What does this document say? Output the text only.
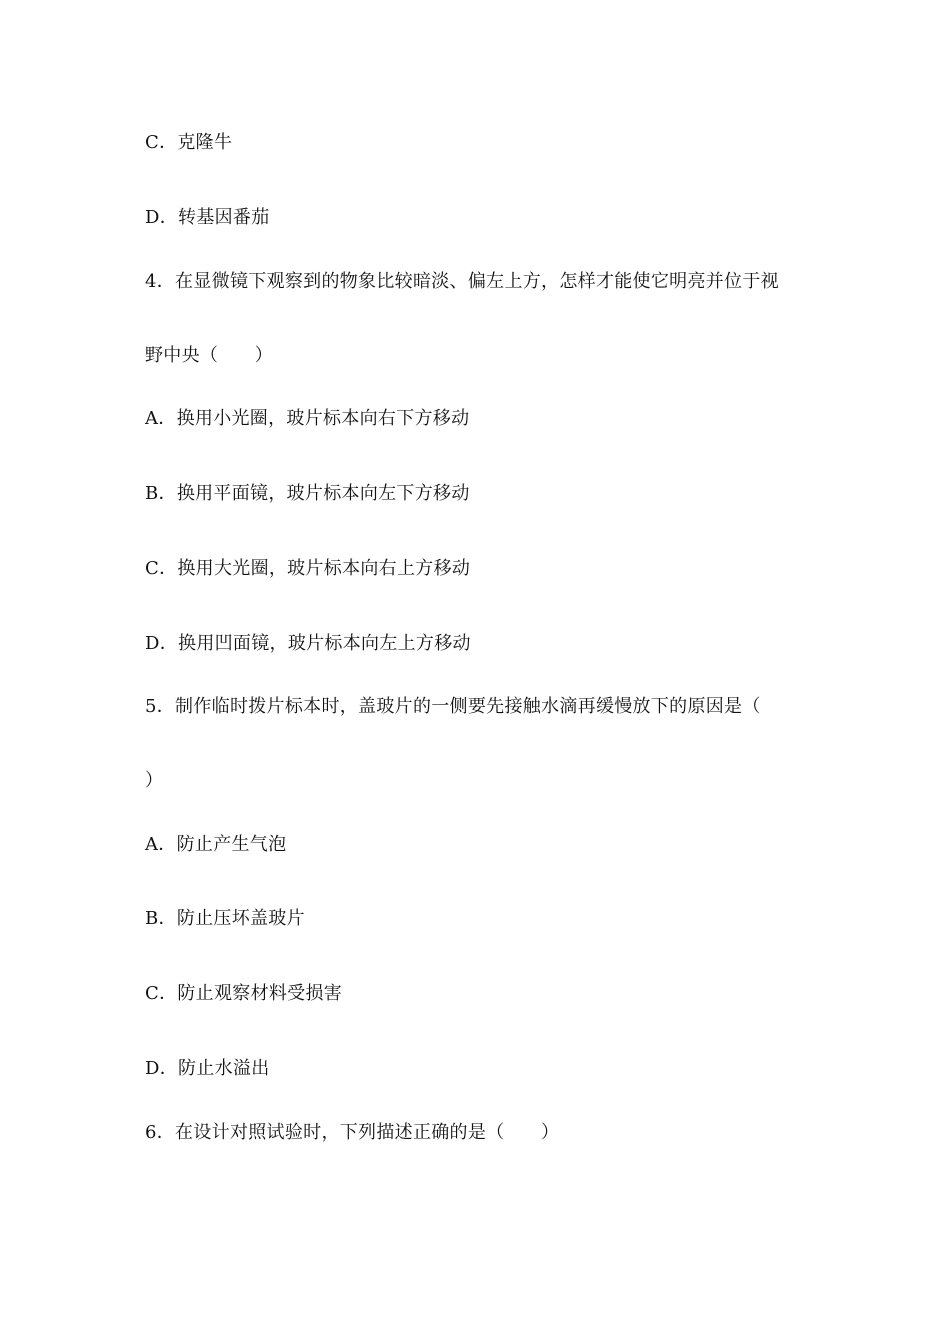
C．克隆牛
D．转基因番茄
4．在显微镜下观察到的物象比较暗淡、偏左上方，怎样才能使它明亮并位于视
野中央（　　）
A．换用小光圈，玻片标本向右下方移动
B．换用平面镜，玻片标本向左下方移动
C．换用大光圈，玻片标本向右上方移动
D．换用凹面镜，玻片标本向左上方移动
5．制作临时拨片标本时，盖玻片的一侧要先接触水滴再缓慢放下的原因是（
）
A．防止产生气泡
B．防止压坏盖玻片
C．防止观察材料受损害
D．防止水溢出
6．在设计对照试验时，下列描述正确的是（　　）
